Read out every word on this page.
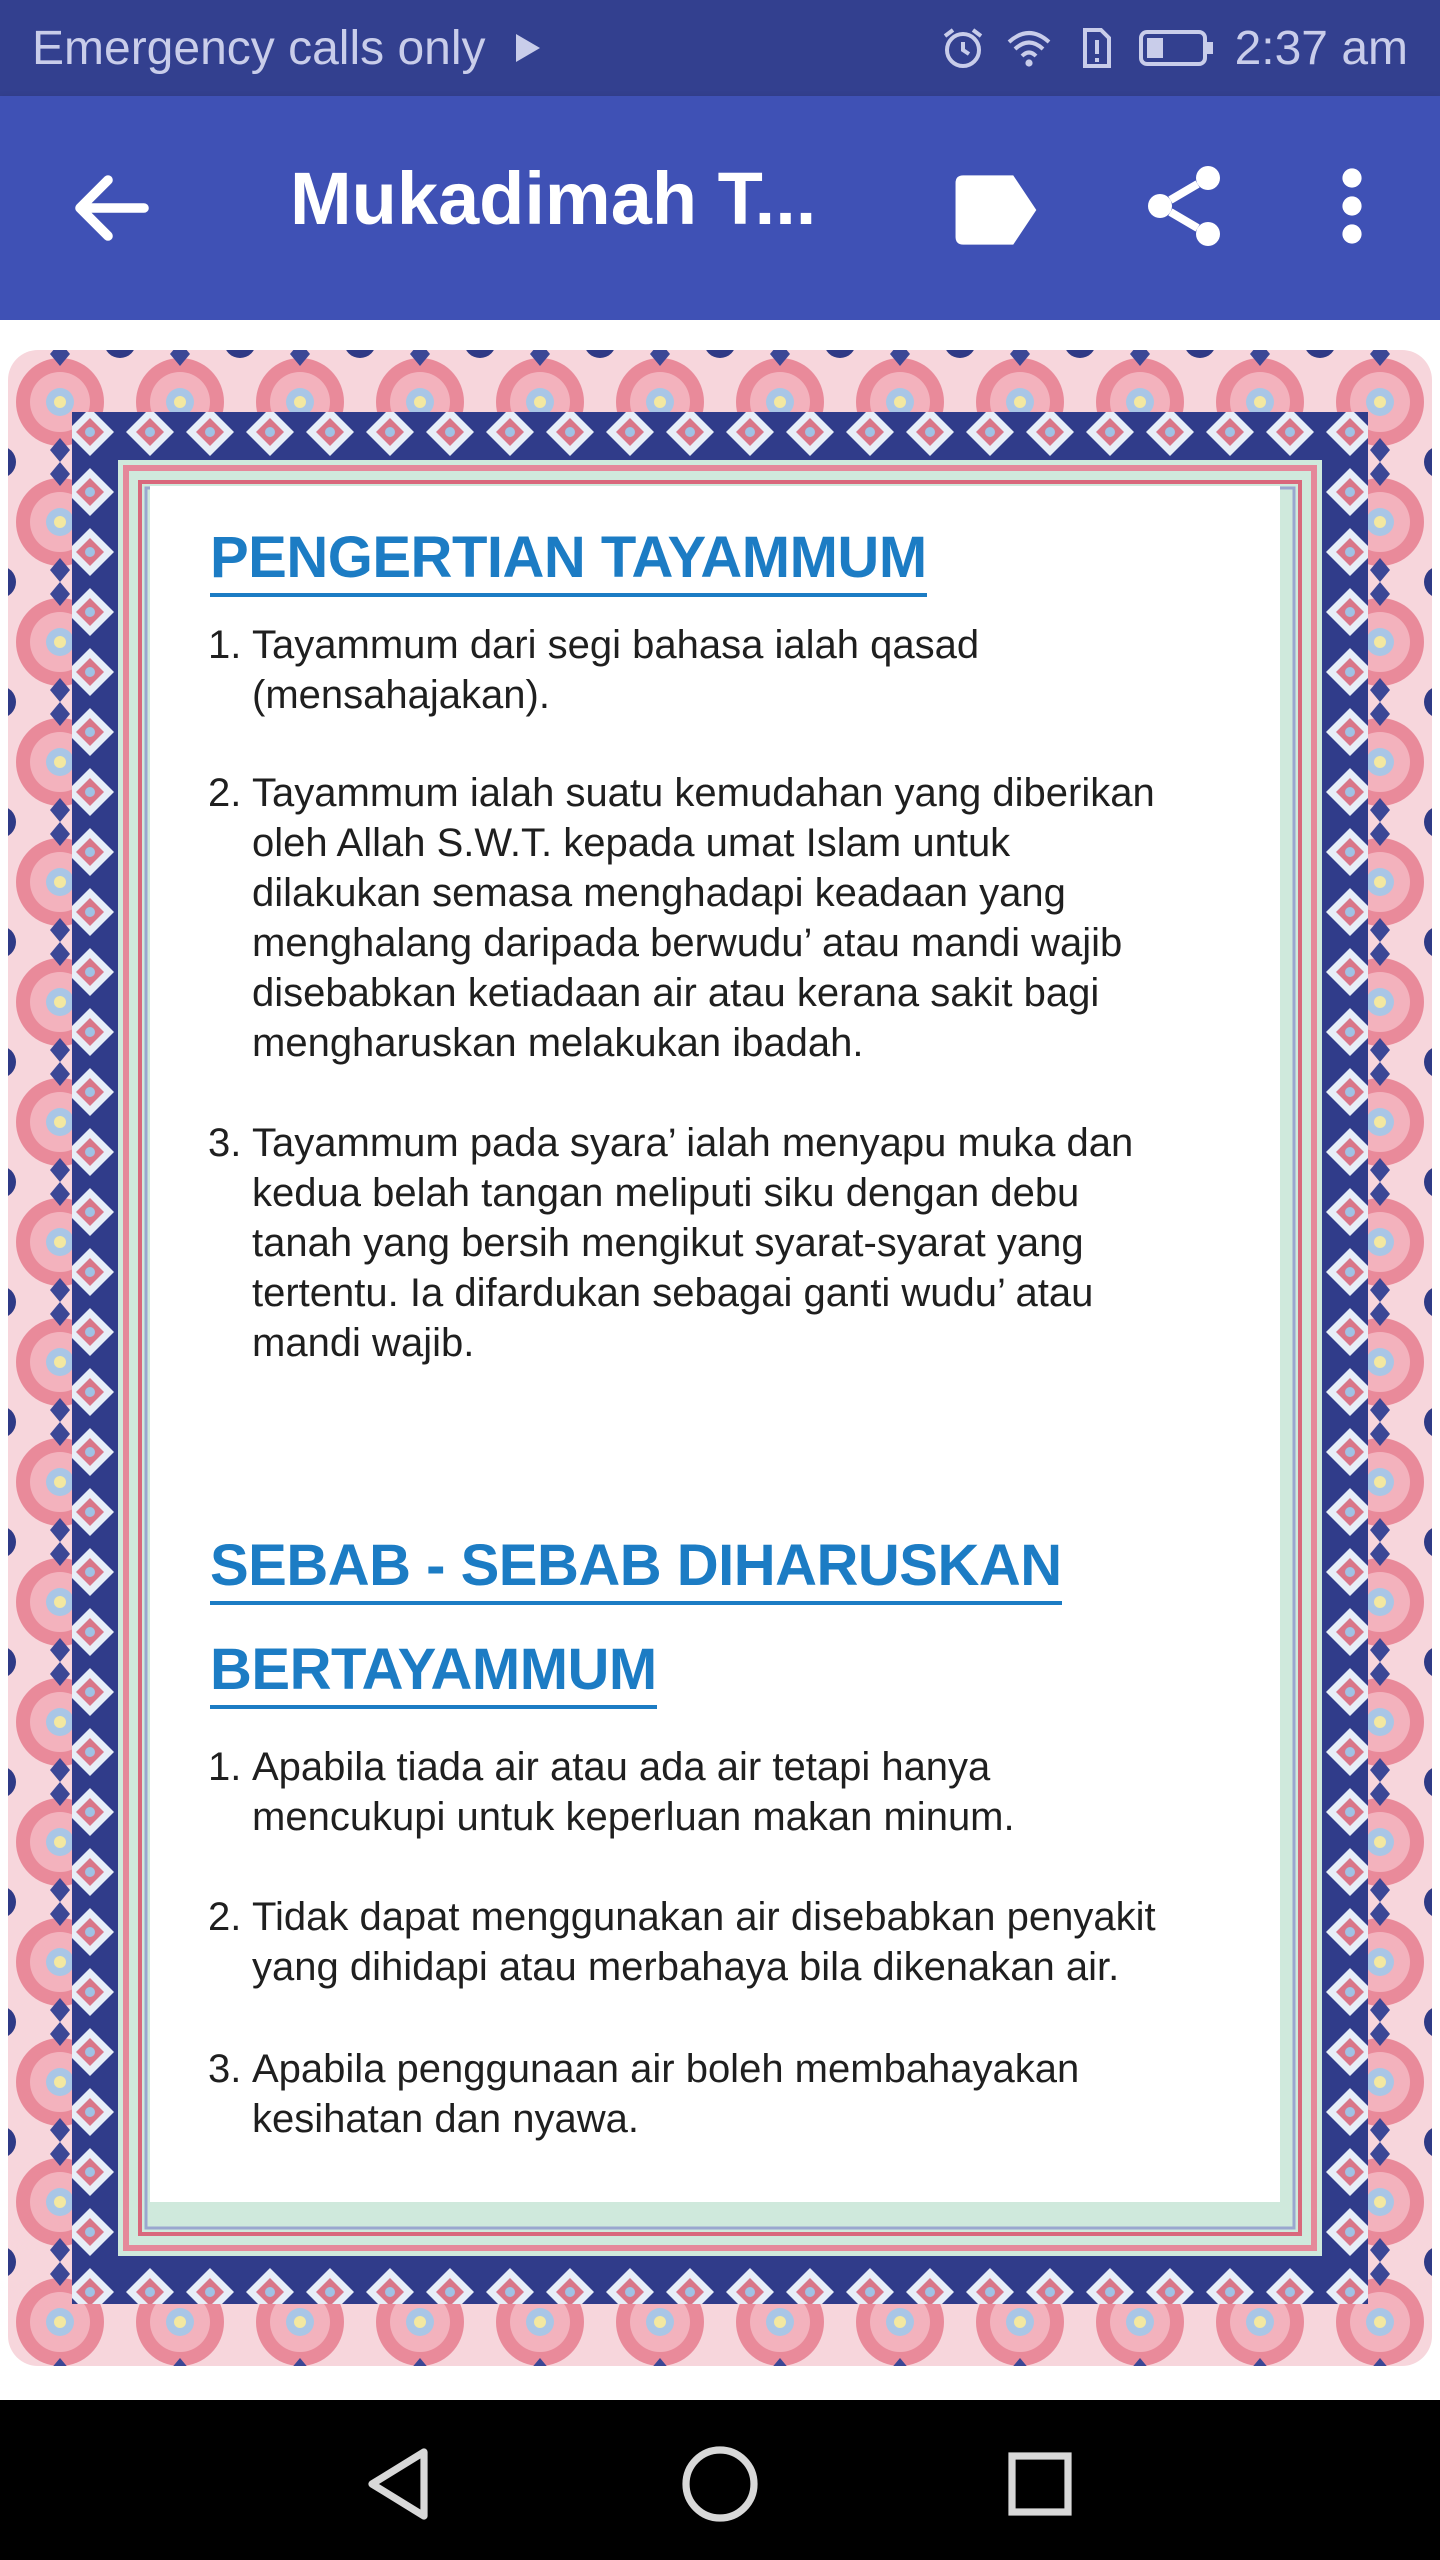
Emergency calls only	2:37 am
Mukadimah T...
PENGERTIAN TAYAMMUM
1. Tayammum dari segi bahasa ialah qasad
(mensahajakan).
2. Tayammum ialah suatu kemudahan yang diberikan
oleh Allah S.W.T. kepada umat Islam untuk
dilakukan semasa menghadapi keadaan yang
menghalang daripada berwudu’ atau mandi wajib
disebabkan ketiadaan air atau kerana sakit bagi
mengharuskan melakukan ibadah.
3. Tayammum pada syara’ ialah menyapu muka dan
kedua belah tangan meliputi siku dengan debu
tanah yang bersih mengikut syarat-syarat yang
tertentu. Ia difardukan sebagai ganti wudu’ atau
mandi wajib.
SEBAB - SEBAB DIHARUSKAN
BERTAYAMMUM
1. Apabila tiada air atau ada air tetapi hanya
mencukupi untuk keperluan makan minum.
2. Tidak dapat menggunakan air disebabkan penyakit
yang dihidapi atau merbahaya bila dikenakan air.
3. Apabila penggunaan air boleh membahayakan
kesihatan dan nyawa.
